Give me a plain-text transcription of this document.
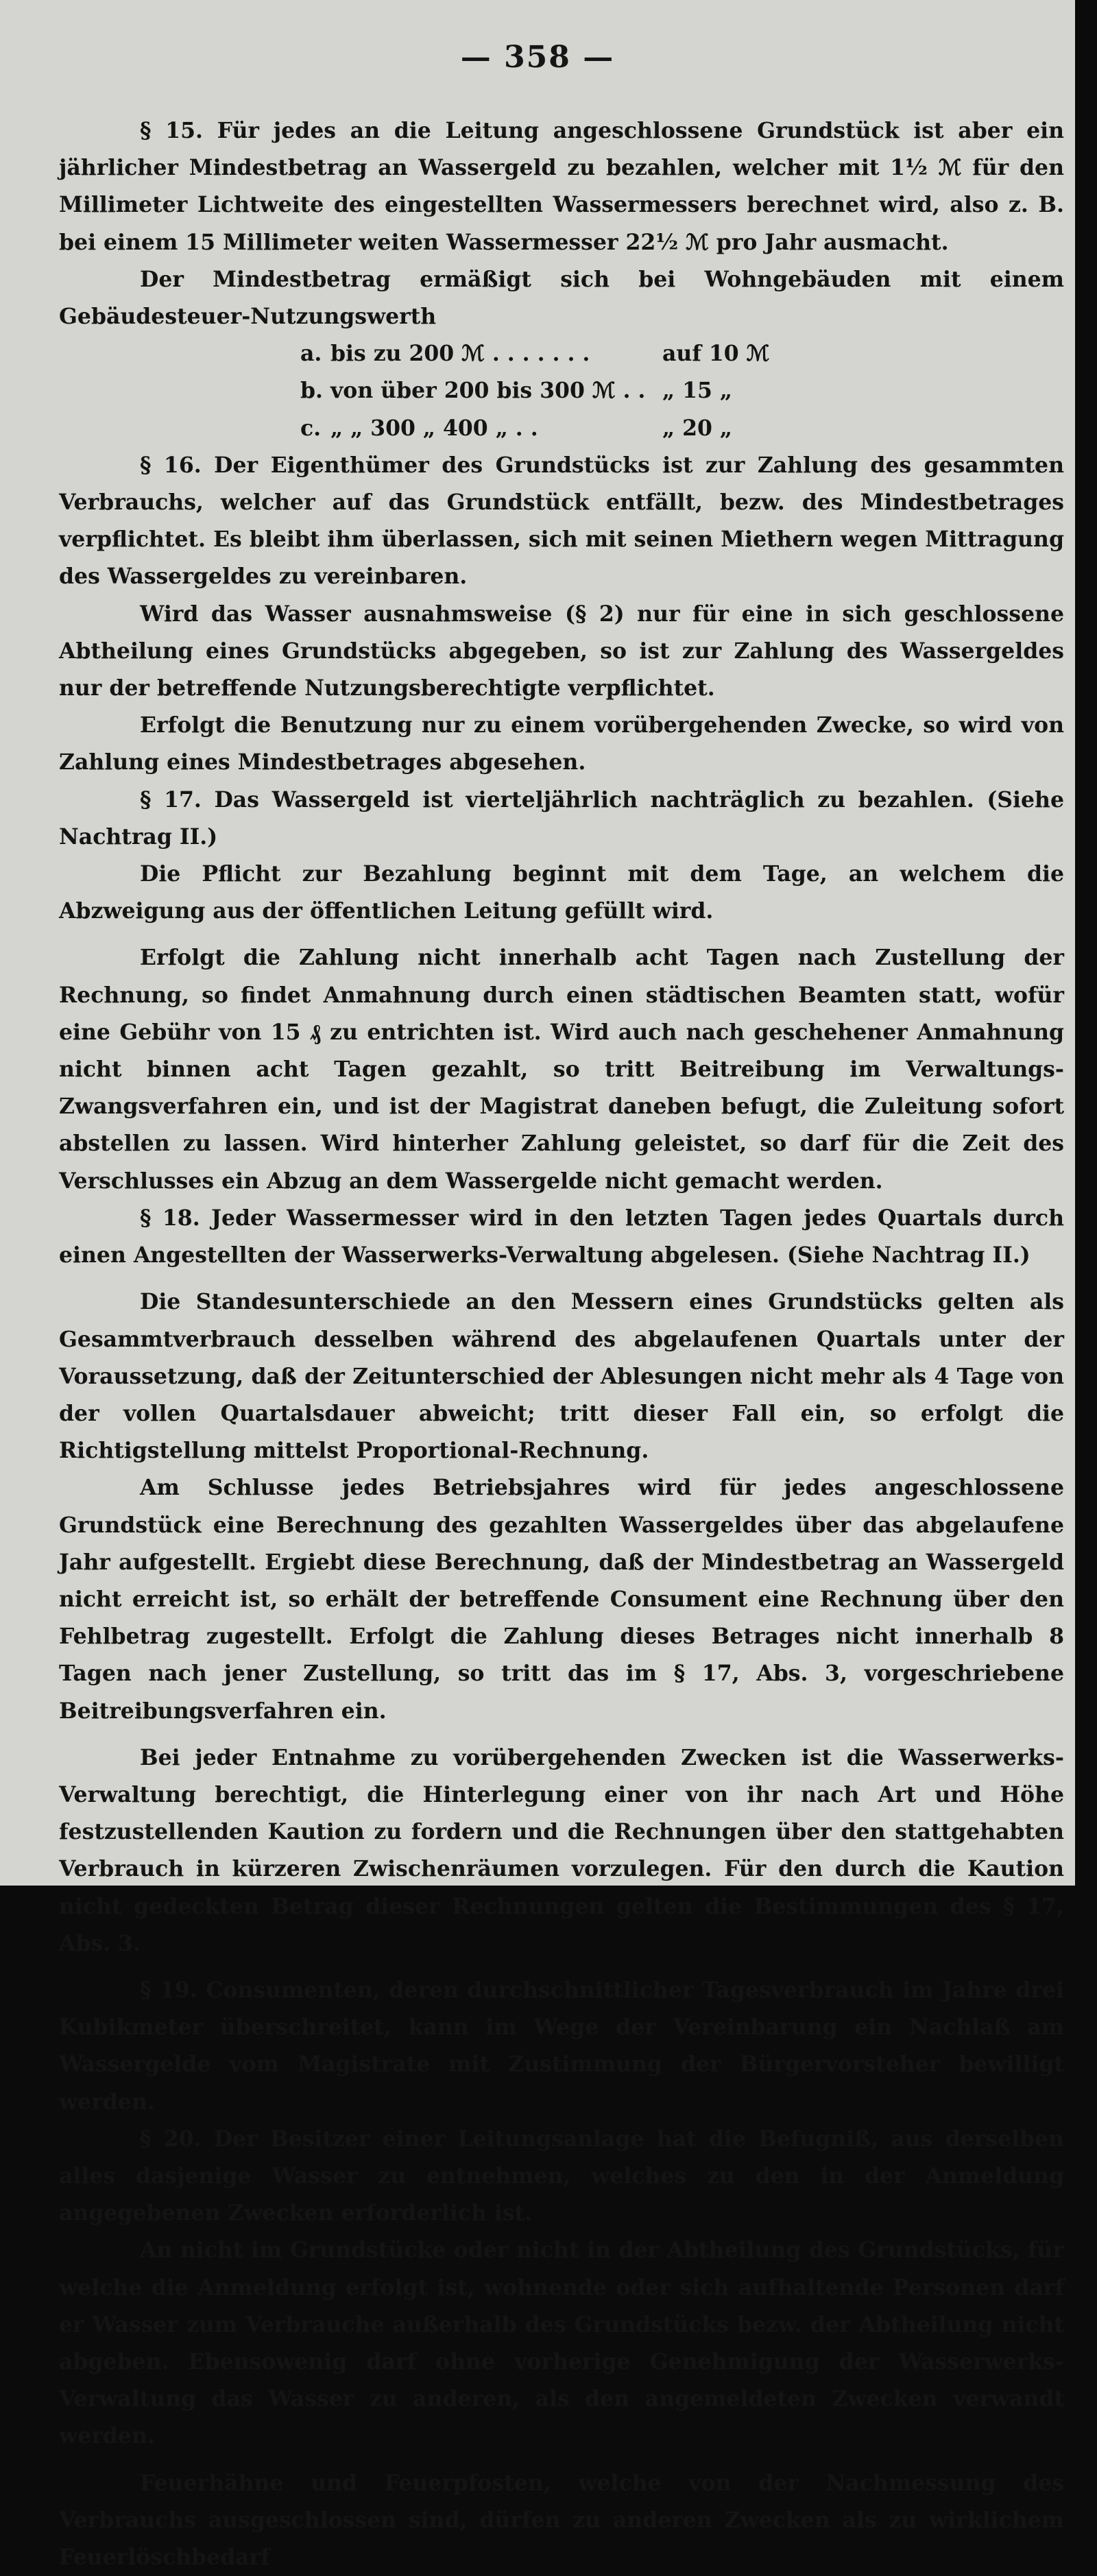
— 358 —

§ 15. Für jedes an die Leitung angeschlossene Grundstück ist aber ein jährlicher Mindestbetrag an Wassergeld zu bezahlen, welcher mit 1½ ℳ für den Millimeter Lichtweite des eingestellten Wassermessers berechnet wird, also z. B. bei einem 15 Millimeter weiten Wassermesser 22½ ℳ pro Jahr ausmacht.

Der Mindestbetrag ermäßigt sich bei Wohngebäuden mit einem Gebäudesteuer-Nutzungswerth

a. bis zu 200 ℳ . . . . . . .	auf 10 ℳ
b. von über 200 bis 300 ℳ . . „ 15 „
c. „ „ 300 „ 400 „ . .	„ 20 „

§ 16. Der Eigenthümer des Grundstücks ist zur Zahlung des gesammten Verbrauchs, welcher auf das Grundstück entfällt, bezw. des Mindestbetrages verpflichtet. Es bleibt ihm überlassen, sich mit seinen Miethern wegen Mittragung des Wassergeldes zu vereinbaren.

Wird das Wasser ausnahmsweise (§ 2) nur für eine in sich geschlossene Abtheilung eines Grundstücks abgegeben, so ist zur Zahlung des Wassergeldes nur der betreffende Nutzungsberechtigte verpflichtet.

Erfolgt die Benutzung nur zu einem vorübergehenden Zwecke, so wird von Zahlung eines Mindestbetrages abgesehen.

§ 17. Das Wassergeld ist vierteljährlich nachträglich zu bezahlen. (Siehe Nachtrag II.)

Die Pflicht zur Bezahlung beginnt mit dem Tage, an welchem die Abzweigung aus der öffentlichen Leitung gefüllt wird.

Erfolgt die Zahlung nicht innerhalb acht Tagen nach Zustellung der Rechnung, so findet Anmahnung durch einen städtischen Beamten statt, wofür eine Gebühr von 15 ₰ zu entrichten ist. Wird auch nach geschehener Anmahnung nicht binnen acht Tagen gezahlt, so tritt Beitreibung im Verwaltungs-Zwangsverfahren ein, und ist der Magistrat daneben befugt, die Zuleitung sofort abstellen zu lassen. Wird hinterher Zahlung geleistet, so darf für die Zeit des Verschlusses ein Abzug an dem Wassergelde nicht gemacht werden.

§ 18. Jeder Wassermesser wird in den letzten Tagen jedes Quartals durch einen Angestellten der Wasserwerks-Verwaltung abgelesen. (Siehe Nachtrag II.)

Die Standesunterschiede an den Messern eines Grundstücks gelten als Gesammtverbrauch desselben während des abgelaufenen Quartals unter der Voraussetzung, daß der Zeitunterschied der Ablesungen nicht mehr als 4 Tage von der vollen Quartalsdauer abweicht; tritt dieser Fall ein, so erfolgt die Richtigstellung mittelst Proportional-Rechnung.

Am Schlusse jedes Betriebsjahres wird für jedes angeschlossene Grundstück eine Berechnung des gezahlten Wassergeldes über das abgelaufene Jahr aufgestellt. Ergiebt diese Berechnung, daß der Mindestbetrag an Wassergeld nicht erreicht ist, so erhält der betreffende Consument eine Rechnung über den Fehlbetrag zugestellt. Erfolgt die Zahlung dieses Betrages nicht innerhalb 8 Tagen nach jener Zustellung, so tritt das im § 17, Abs. 3, vorgeschriebene Beitreibungsverfahren ein.

Bei jeder Entnahme zu vorübergehenden Zwecken ist die Wasserwerks-Verwaltung berechtigt, die Hinterlegung einer von ihr nach Art und Höhe festzustellenden Kaution zu fordern und die Rechnungen über den stattgehabten Verbrauch in kürzeren Zwischenräumen vorzulegen. Für den durch die Kaution nicht gedeckten Betrag dieser Rechnungen gelten die Bestimmungen des § 17, Abs. 3.

§ 19. Consumenten, deren durchschnittlicher Tagesverbrauch im Jahre drei Kubikmeter überschreitet, kann im Wege der Vereinbarung ein Nachlaß am Wassergelde vom Magistrate mit Zustimmung der Bürgervorsteher bewilligt werden.

§ 20. Der Besitzer einer Leitungsanlage hat die Befugniß, aus derselben alles dasjenige Wasser zu entnehmen, welches zu den in der Anmeldung angegebenen Zwecken erforderlich ist.

An nicht im Grundstücke oder nicht in der Abtheilung des Grundstücks, für welche die Anmeldung erfolgt ist, wohnende oder sich aufhaltende Personen darf er Wasser zum Verbrauche außerhalb des Grundstücks bezw. der Abtheilung nicht abgeben. Ebensowenig darf ohne vorherige Genehmigung der Wasserwerks-Verwaltung das Wasser zu anderen, als den angemeldeten Zwecken verwandt werden.

Feuerhähne und Feuerpfosten, welche von der Nachmessung des Verbrauchs ausgeschlossen sind, dürfen zu anderen Zwecken als zu wirklichem Feuerlöschbedarf
